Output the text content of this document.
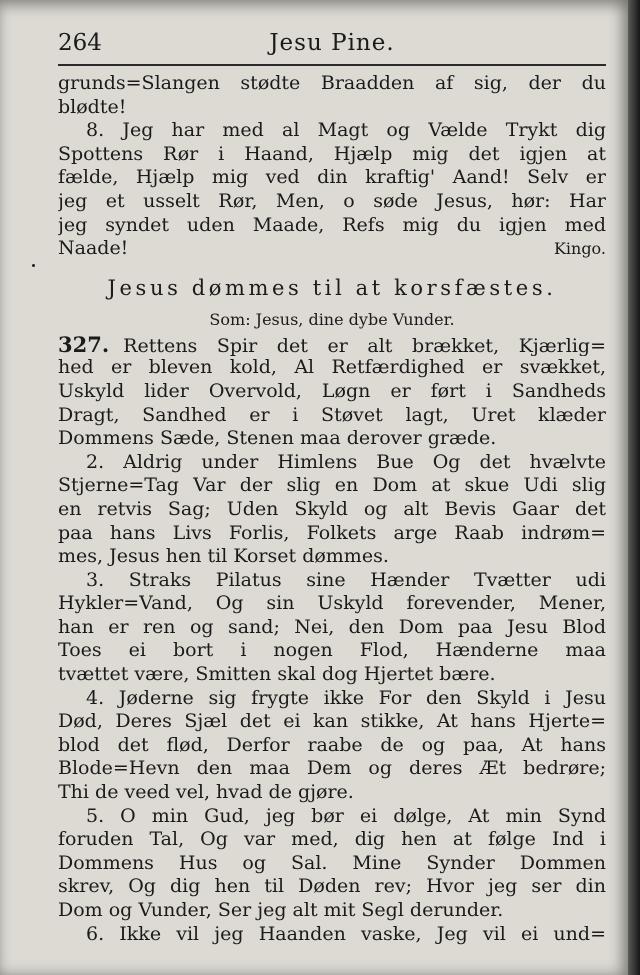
264	Jesu Pine.
grunds=Slangen stødte Braadden af sig, der du
blødte!
8. Jeg har med al Magt og Vælde Trykt dig
Spottens Rør i Haand, Hjælp mig det igjen at
fælde, Hjælp mig ved din kraftig' Aand! Selv er
jeg et usselt Rør, Men, o søde Jesus, hør: Har
jeg syndet uden Maade, Refs mig du igjen med
Naade!	Kingo.
Jesus dømmes til at korsfæstes.
Som: Jesus, dine dybe Vunder.
327. Rettens Spir det er alt brækket, Kjærlig=
hed er bleven kold, Al Retfærdighed er svækket,
Uskyld lider Overvold, Løgn er ført i Sandheds
Dragt, Sandhed er i Støvet lagt, Uret klæder
Dommens Sæde, Stenen maa derover græde.
2. Aldrig under Himlens Bue Og det hvælvte
Stjerne=Tag Var der slig en Dom at skue Udi slig
en retvis Sag; Uden Skyld og alt Bevis Gaar det
paa hans Livs Forlis, Folkets arge Raab indrøm=
mes, Jesus hen til Korset dømmes.
3. Straks Pilatus sine Hænder Tvætter udi
Hykler=Vand, Og sin Uskyld forevender, Mener,
han er ren og sand; Nei, den Dom paa Jesu Blod
Toes ei bort i nogen Flod, Hænderne maa
tvættet være, Smitten skal dog Hjertet bære.
4. Jøderne sig frygte ikke For den Skyld i Jesu
Død, Deres Sjæl det ei kan stikke, At hans Hjerte=
blod det flød, Derfor raabe de og paa, At hans
Blode=Hevn den maa Dem og deres Æt bedrøre;
Thi de veed vel, hvad de gjøre.
5. O min Gud, jeg bør ei dølge, At min Synd
foruden Tal, Og var med, dig hen at følge Ind i
Dommens Hus og Sal. Mine Synder Dommen
skrev, Og dig hen til Døden rev; Hvor jeg ser din
Dom og Vunder, Ser jeg alt mit Segl derunder.
6. Ikke vil jeg Haanden vaske, Jeg vil ei und=
